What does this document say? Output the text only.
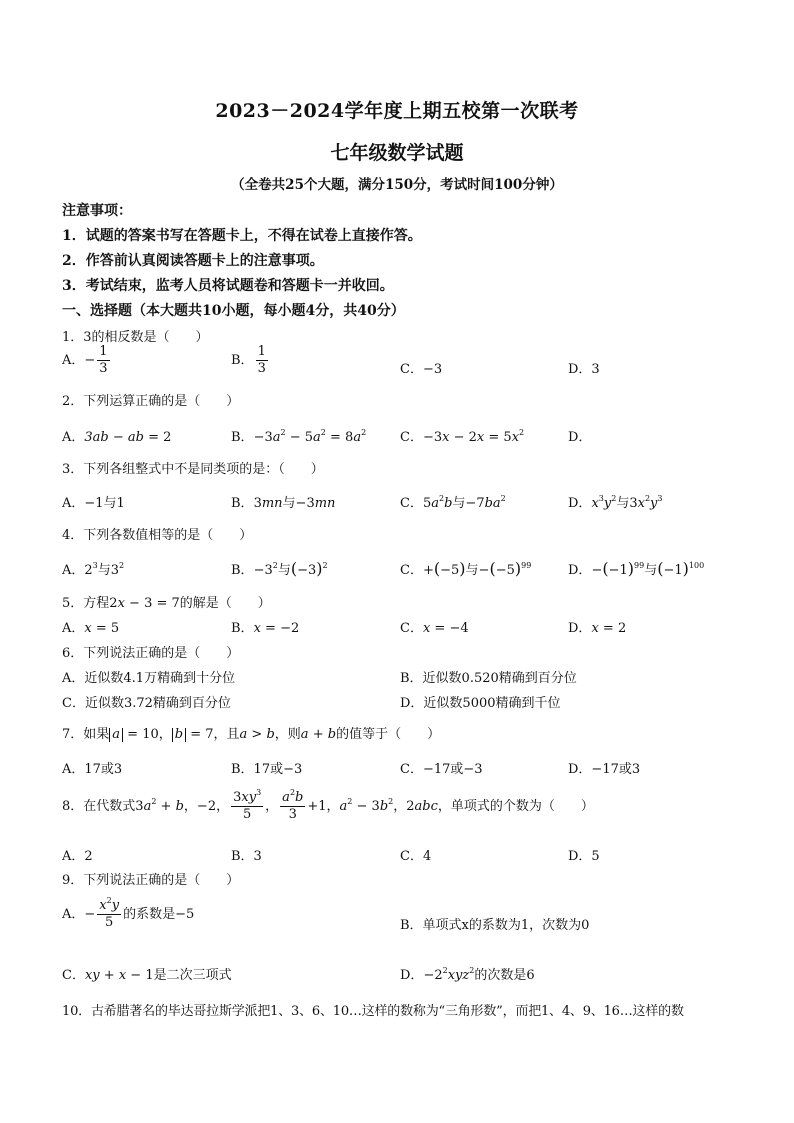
2023－2024学年度上期五校第一次联考
七年级数学试题
（全卷共25个大题，满分150分，考试时间100分钟）
注意事项：
1．试题的答案书写在答题卡上，不得在试卷上直接作答。
2．作答前认真阅读答题卡上的注意事项。
3．考试结束，监考人员将试题卷和答题卡一并收回。
一、选择题（本大题共10小题，每小题4分，共40分）
1．3的相反数是（　　）
A．− $\frac{1}{3}$	B． $\frac{1}{3}$	C．−3	D．3
2．下列运算正确的是（　　）
A．3ab − ab = 2	B．$-3a^2 - 5a^2 = 8a^2$	C．$-3x - 2x = 5x^2$	D．
3．下列各组整式中不是同类项的是：（　　）
A．−1与1	B．3mn与−3mn	C．$5a^2b$与$-7ba^2$	D．$x^3y^2$与$3x^2y^3$
4．下列各数值相等的是（　　）
A．$2^3$与$3^2$	B．$-3^2$与$(-3)^2$	C．+(−5)与$-(-5)^{99}$	D．$-(-1)^{99}$与$(-1)^{100}$
5．方程2x − 3 = 7的解是（　　）
A．x = 5	B．x = −2	C．x = −4	D．x = 2
6．下列说法正确的是（　　）
A．近似数4.1万精确到十分位	B．近似数0.520精确到百分位
C．近似数3.72精确到百分位	D．近似数5000精确到千位
7．如果 a = 10， b = 7，且a > b，则a + b的值等于（　　）
A．17或3	B．17或−3	C．−17或−3	D．−17或3
8．在代数式$3a^2 + b$，−2， $\frac{3xy^3}{5}$ ， $\frac{a^2b}{3} +1$，$a^2 - 3b^2$，2abc，单项式的个数为（　　）
A．2	B．3	C．4	D．5
9．下列说法正确的是（　　）
A．− $\frac{x^2y}{5}$ 的系数是−5
B．单项式x的系数为1，次数为0
C．xy + x − 1是二次三项式	D．$-2^2xyz^2$的次数是6
10．古希腊著名的毕达哥拉斯学派把1、3、6、10…这样的数称为“三角形数”，而把1、4、9、16…这样的数
